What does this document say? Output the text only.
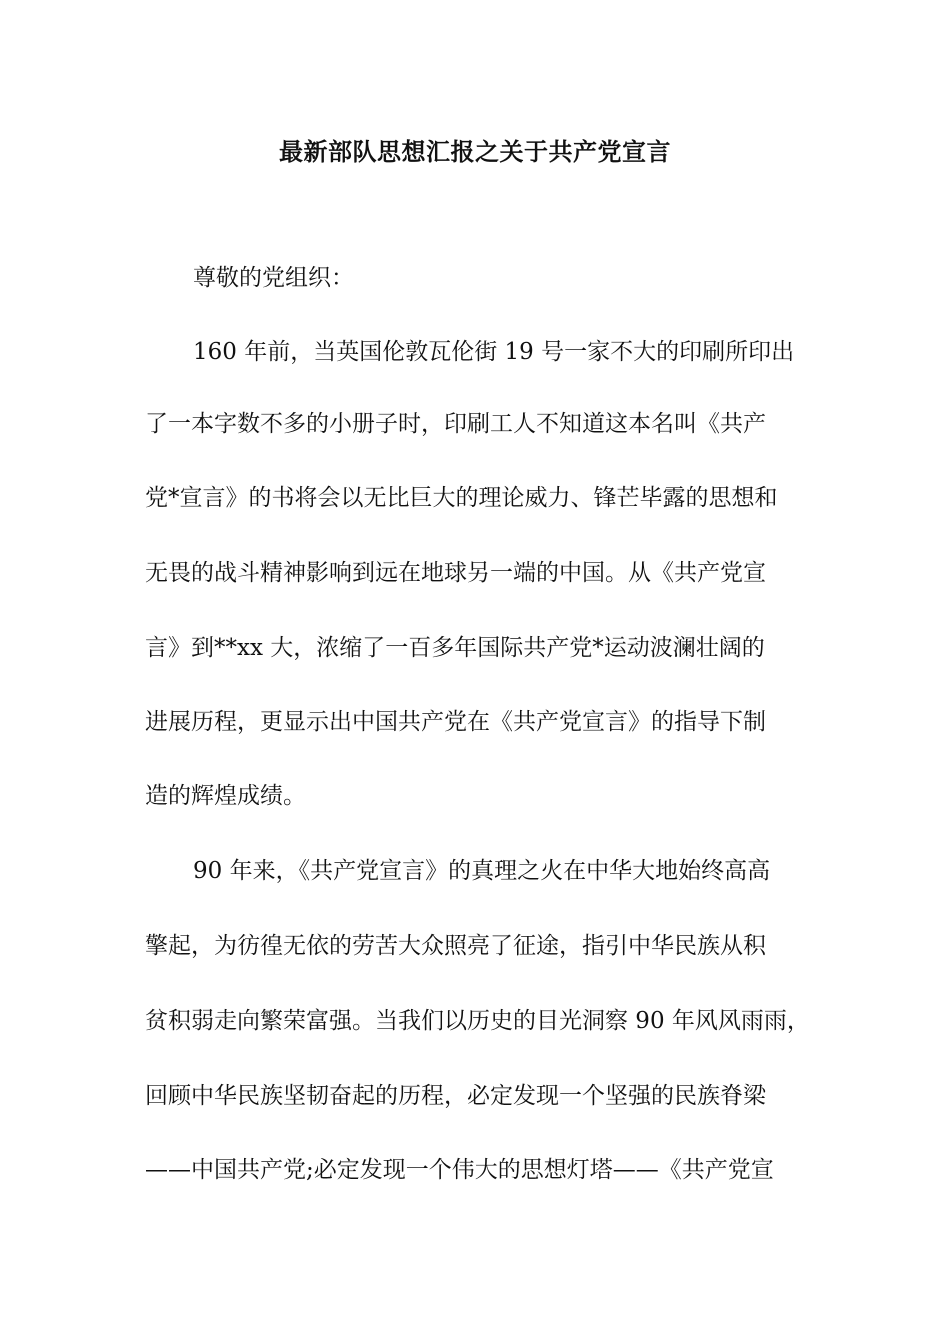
最新部队思想汇报之关于共产党宣言

尊敬的党组织：

160 年前，当英国伦敦瓦伦街 19 号一家不大的印刷所印出

了一本字数不多的小册子时，印刷工人不知道这本名叫《共产

党*宣言》的书将会以无比巨大的理论威力、锋芒毕露的思想和

无畏的战斗精神影响到远在地球另一端的中国。从《共产党宣

言》到**xx 大，浓缩了一百多年国际共产党*运动波澜壮阔的

进展历程，更显示出中国共产党在《共产党宣言》的指导下制

造的辉煌成绩。

90 年来，《共产党宣言》的真理之火在中华大地始终高高

擎起，为彷徨无依的劳苦大众照亮了征途，指引中华民族从积

贫积弱走向繁荣富强。当我们以历史的目光洞察 90 年风风雨雨，

回顾中华民族坚韧奋起的历程，必定发现一个坚强的民族脊梁

——中国共产党;必定发现一个伟大的思想灯塔——《共产党宣
